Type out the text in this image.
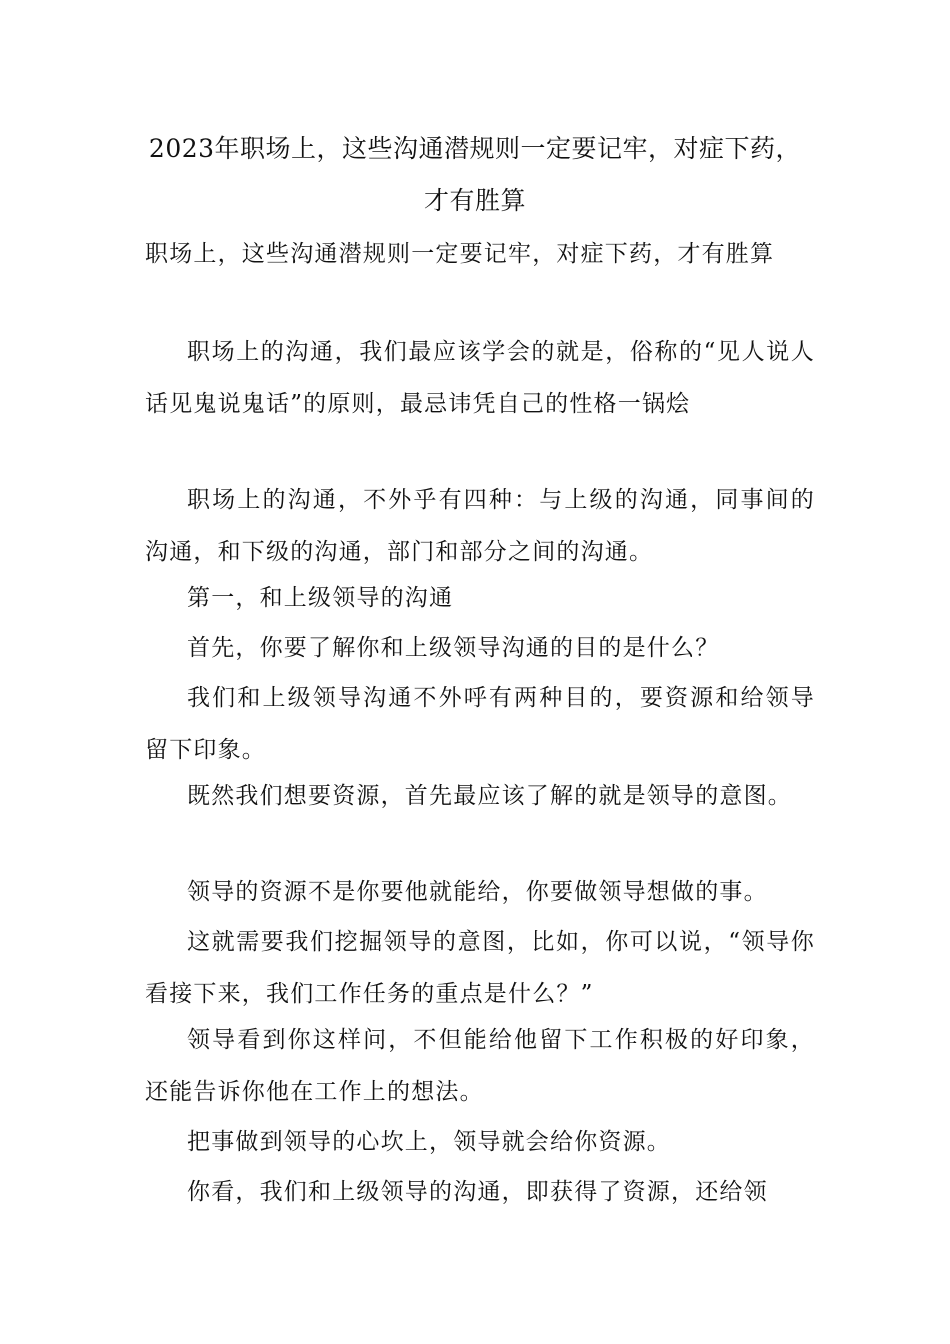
2023年职场上，这些沟通潜规则一定要记牢，对症下药，
才有胜算

职场上，这些沟通潜规则一定要记牢，对症下药，才有胜算

职场上的沟通，我们最应该学会的就是，俗称的“见人说人话见鬼说鬼话”的原则，最忌讳凭自己的性格一锅烩

职场上的沟通，不外乎有四种：与上级的沟通，同事间的沟通，和下级的沟通，部门和部分之间的沟通。

第一，和上级领导的沟通

首先，你要了解你和上级领导沟通的目的是什么？

我们和上级领导沟通不外呼有两种目的，要资源和给领导留下印象。

既然我们想要资源，首先最应该了解的就是领导的意图。

领导的资源不是你要他就能给，你要做领导想做的事。

这就需要我们挖掘领导的意图，比如，你可以说，“领导你看接下来，我们工作任务的重点是什么？”

领导看到你这样问，不但能给他留下工作积极的好印象，还能告诉你他在工作上的想法。

把事做到领导的心坎上，领导就会给你资源。

你看，我们和上级领导的沟通，即获得了资源，还给领
